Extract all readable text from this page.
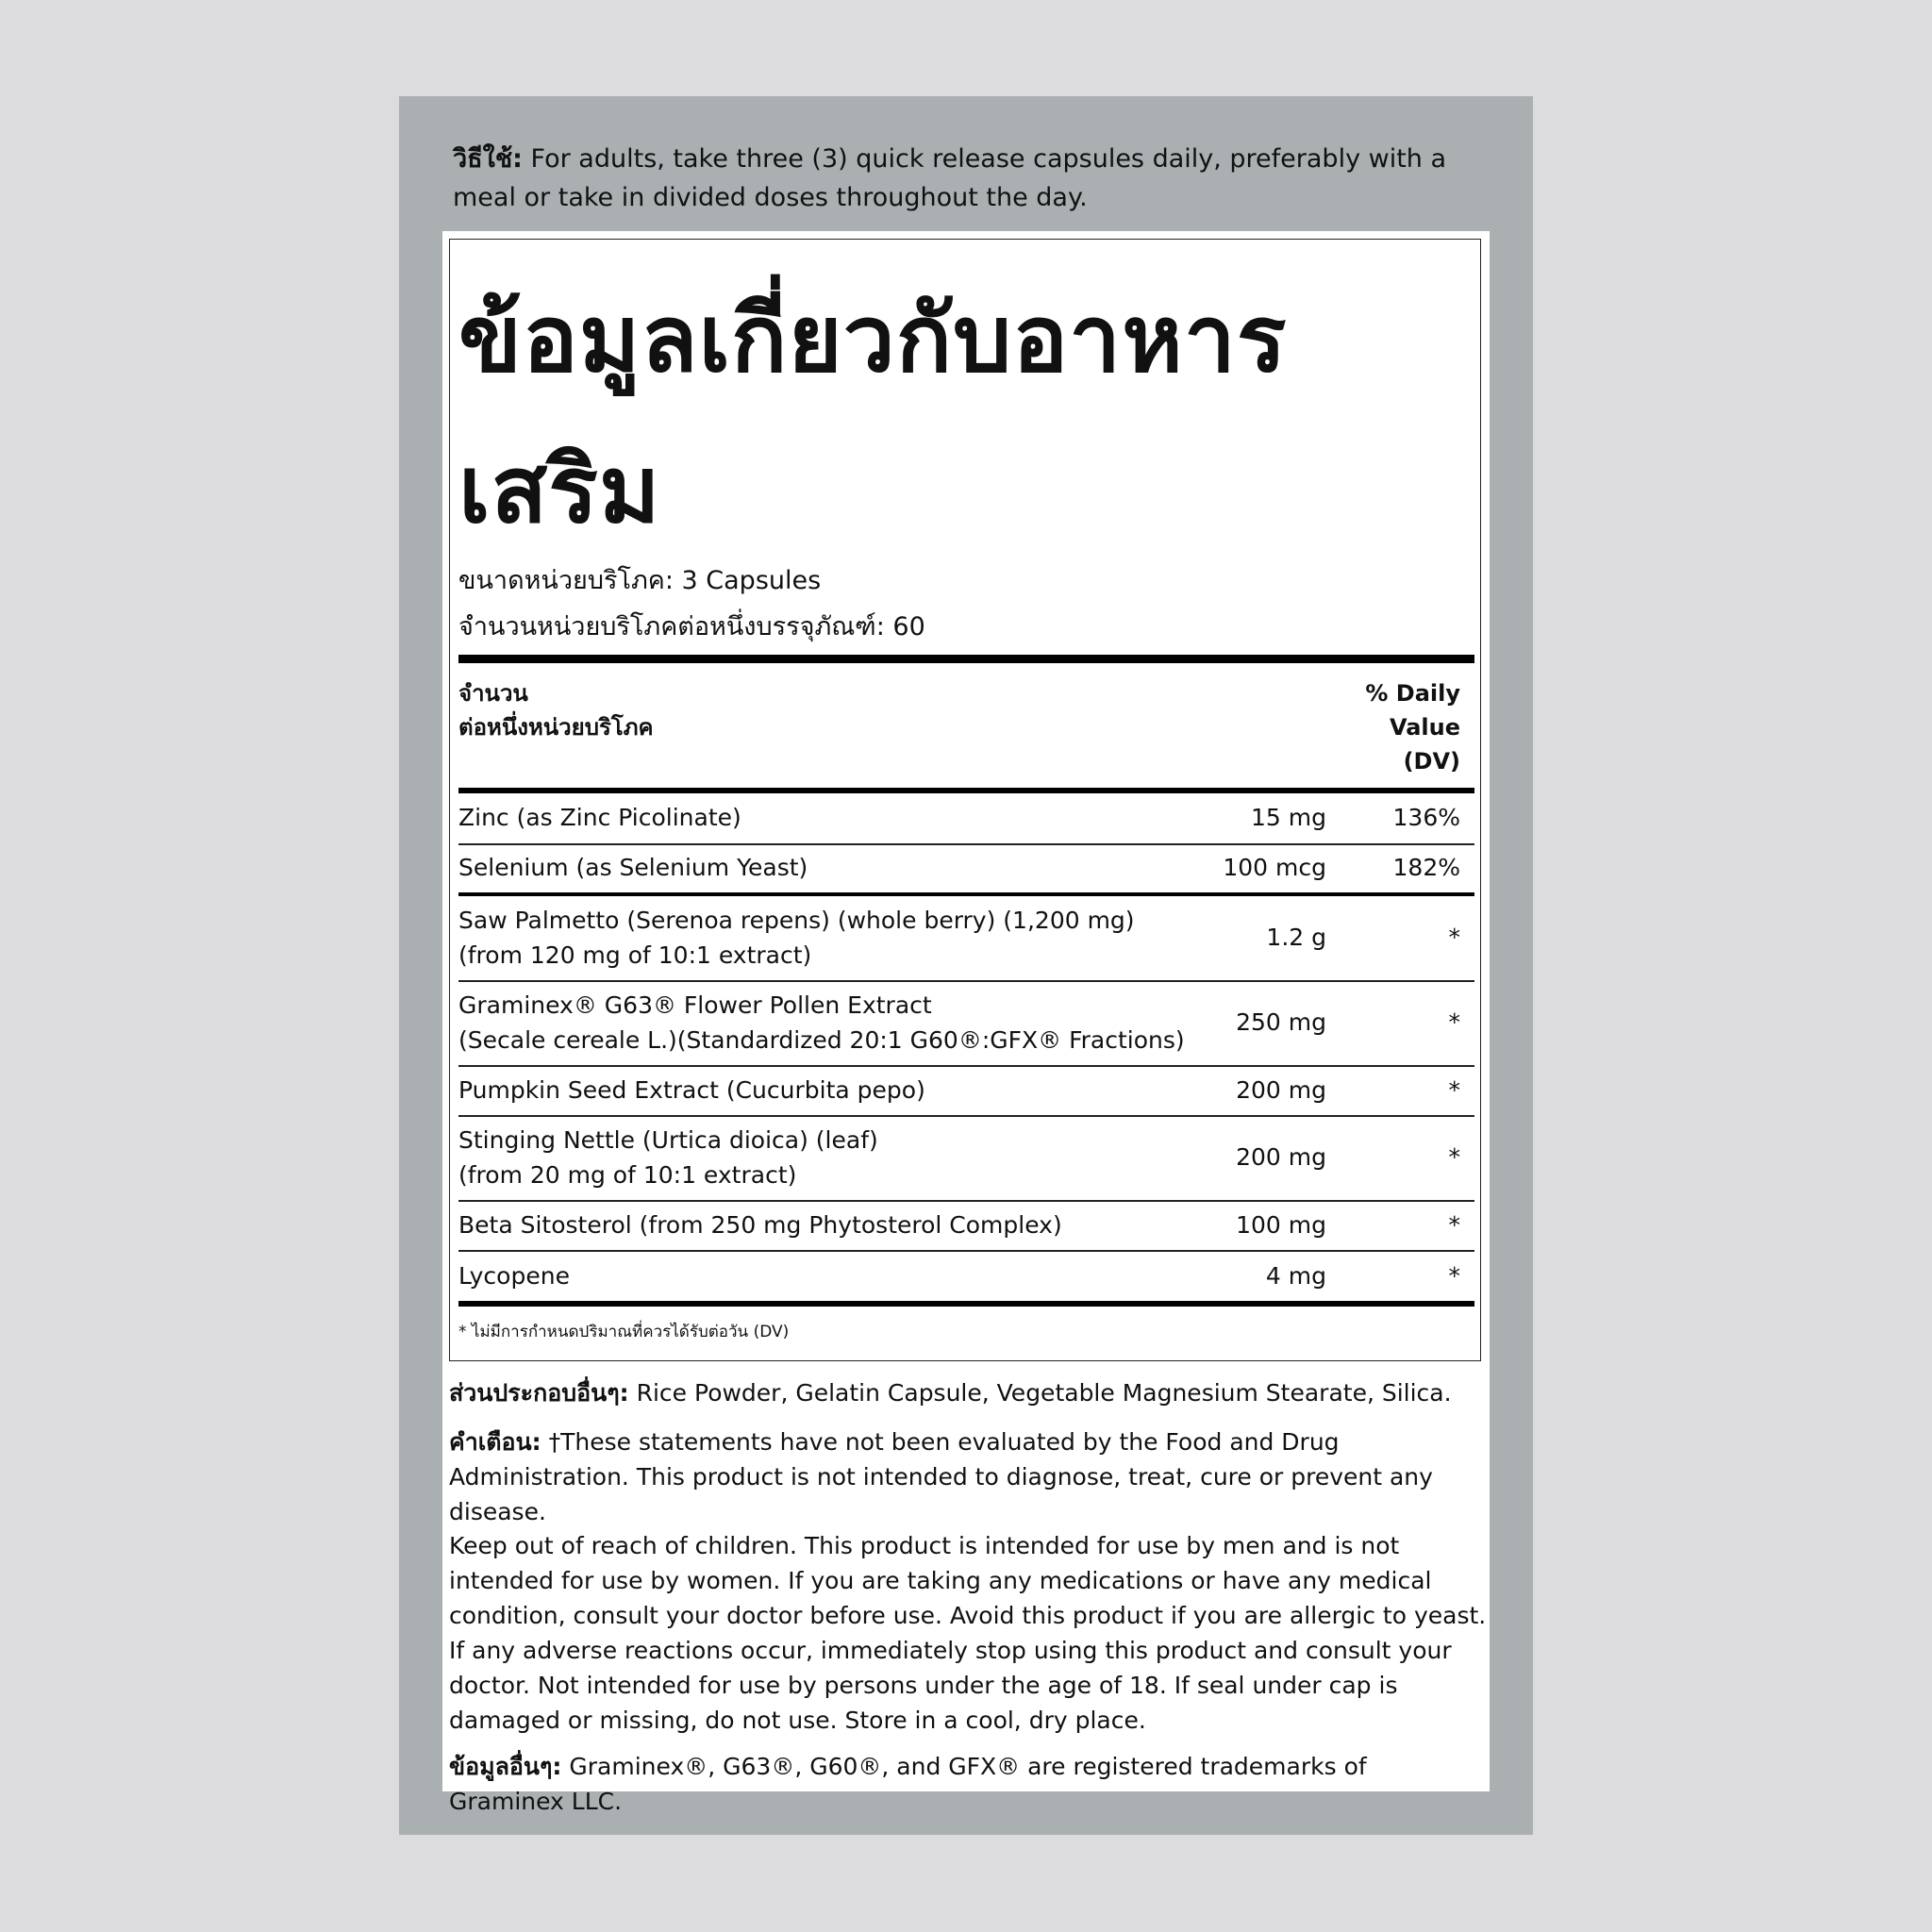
วิธีใช้: For adults, take three (3) quick release capsules daily, preferably with a meal or take in divided doses throughout the day.
ข้อมูลเกี่ยวกับอาหารเสริม
ขนาดหน่วยบริโภค: 3 Capsules
จำนวนหน่วยบริโภคต่อหนึ่งบรรจุภัณฑ์: 60
จำนวน
ต่อหนึ่งหน่วยบริโภค
% Daily
Value
(DV)
Zinc (as Zinc Picolinate)	15 mg	136%
Selenium (as Selenium Yeast)	100 mcg	182%
Saw Palmetto (Serenoa repens) (whole berry) (1,200 mg)
(from 120 mg of 10:1 extract)
1.2 g	*
Graminex® G63® Flower Pollen Extract
(Secale cereale L.)(Standardized 20:1 G60®:GFX® Fractions)
250 mg	*
Pumpkin Seed Extract (Cucurbita pepo)	200 mg	*
Stinging Nettle (Urtica dioica) (leaf)
(from 20 mg of 10:1 extract)
200 mg	*
Beta Sitosterol (from 250 mg Phytosterol Complex)	100 mg	*
Lycopene	4 mg	*
* ไม่มีการกำหนดปริมาณที่ควรได้รับต่อวัน (DV)
ส่วนประกอบอื่นๆ: Rice Powder, Gelatin Capsule, Vegetable Magnesium Stearate, Silica.
คำเตือน: †These statements have not been evaluated by the Food and Drug Administration. This product is not intended to diagnose, treat, cure or prevent any disease.
Keep out of reach of children. This product is intended for use by men and is not intended for use by women. If you are taking any medications or have any medical condition, consult your doctor before use. Avoid this product if you are allergic to yeast. If any adverse reactions occur, immediately stop using this product and consult your doctor. Not intended for use by persons under the age of 18. If seal under cap is damaged or missing, do not use. Store in a cool, dry place.
ข้อมูลอื่นๆ: Graminex®, G63®, G60®, and GFX® are registered trademarks of Graminex LLC.
